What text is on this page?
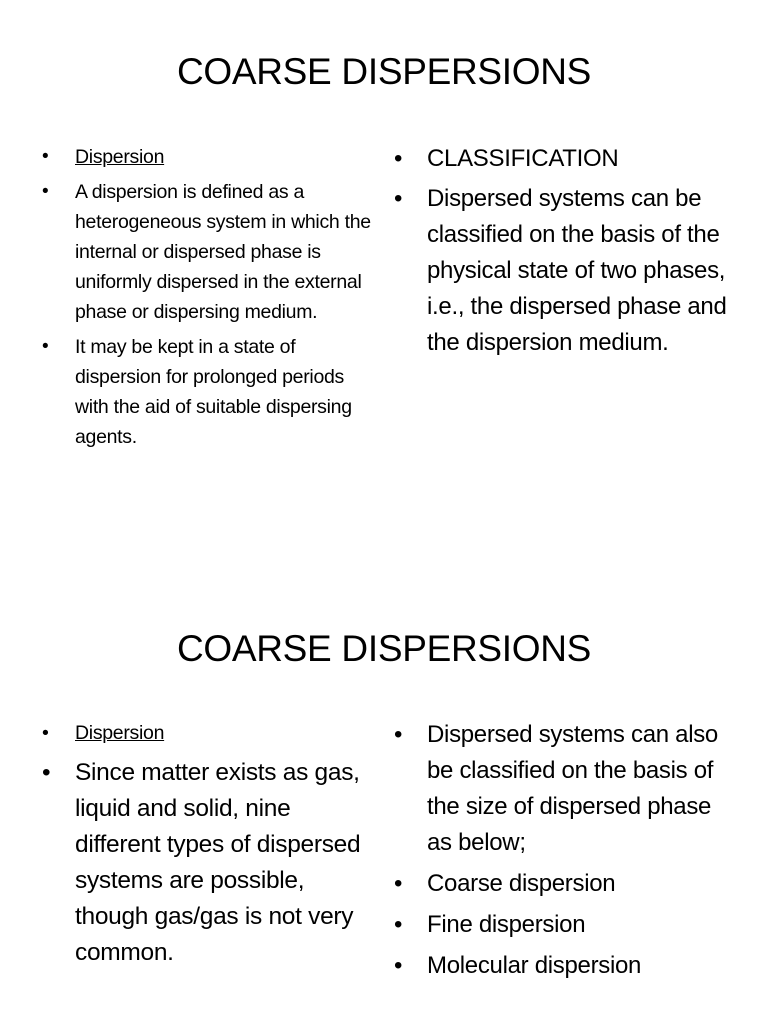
COARSE DISPERSIONS
•
Dispersion
•
A dispersion is defined as a heterogeneous system in which the internal or dispersed phase is uniformly dispersed in the external phase or dispersing medium.
•
It may be kept in a state of dispersion for prolonged periods with the aid of suitable dispersing agents.
•
CLASSIFICATION
•
Dispersed systems can be classified on the basis of the physical state of two phases, i.e., the dispersed phase and the dispersion medium.
COARSE DISPERSIONS
•
Dispersion
•
Since matter exists as gas, liquid and solid, nine different types of dispersed systems are possible, though gas/gas is not very common.
•
Dispersed systems can also be classified on the basis of the size of dispersed phase as below;
•
Coarse dispersion
•
Fine dispersion
•
Molecular dispersion
